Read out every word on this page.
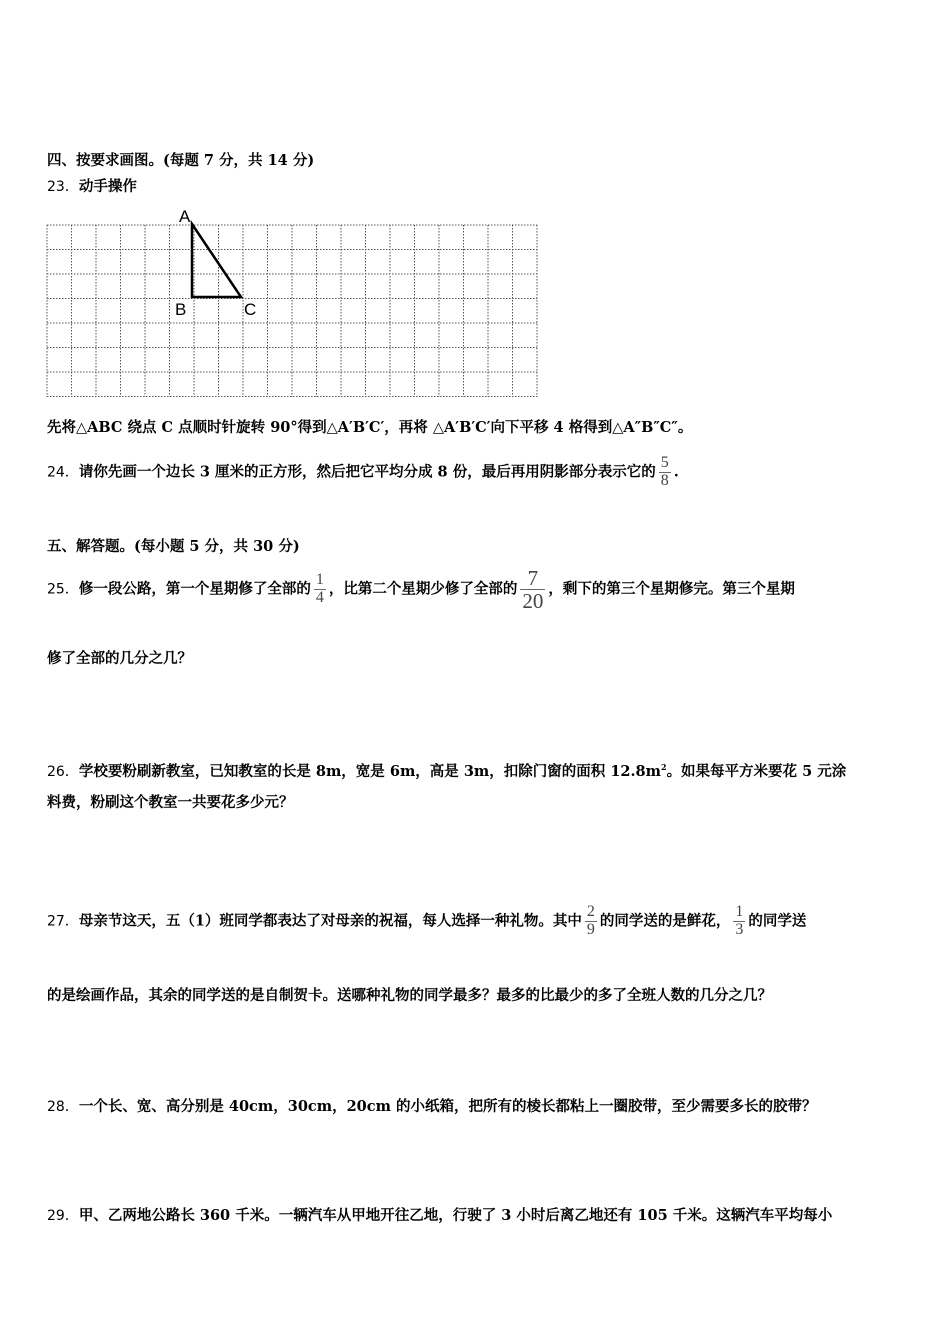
四、按要求画图。(每题 7 分，共 14 分)
23．动手操作
A
B	C
先将△ABC 绕点 C 点顺时针旋转 90°得到△A′B′C′，再将 △A′B′C′向下平移 4 格得到△A″B″C″。
24．请你先画一个边长 3 厘米的正方形，然后把它平均分成 8 份，最后再用阴影部分表示它的 $\frac{5}{8}$ .
五、解答题。(每小题 5 分，共 30 分)
25．修一段公路，第一个星期修了全部的 $\frac{1}{4}$ ，比第二个星期少修了全部的 $\frac{7}{20}$ ，剩下的第三个星期修完。第三个星期
修了全部的几分之几？
26．学校要粉刷新教室，已知教室的长是 8m，宽是 6m，高是 3m，扣除门窗的面积 $12.8m^2$。如果每平方米要花 5 元涂
料费，粉刷这个教室一共要花多少元？
27．母亲节这天，五（1）班同学都表达了对母亲的祝福，每人选择一种礼物。其中 $\frac{2}{9}$ 的同学送的是鲜花， $\frac{1}{3}$ 的同学送
的是绘画作品，其余的同学送的是自制贺卡。送哪种礼物的同学最多？最多的比最少的多了全班人数的几分之几？
28．一个长、宽、高分别是 40cm，30cm，20cm 的小纸箱，把所有的棱长都粘上一圈胶带，至少需要多长的胶带？
29．甲、乙两地公路长 360 千米。一辆汽车从甲地开往乙地，行驶了 3 小时后离乙地还有 105 千米。这辆汽车平均每小
